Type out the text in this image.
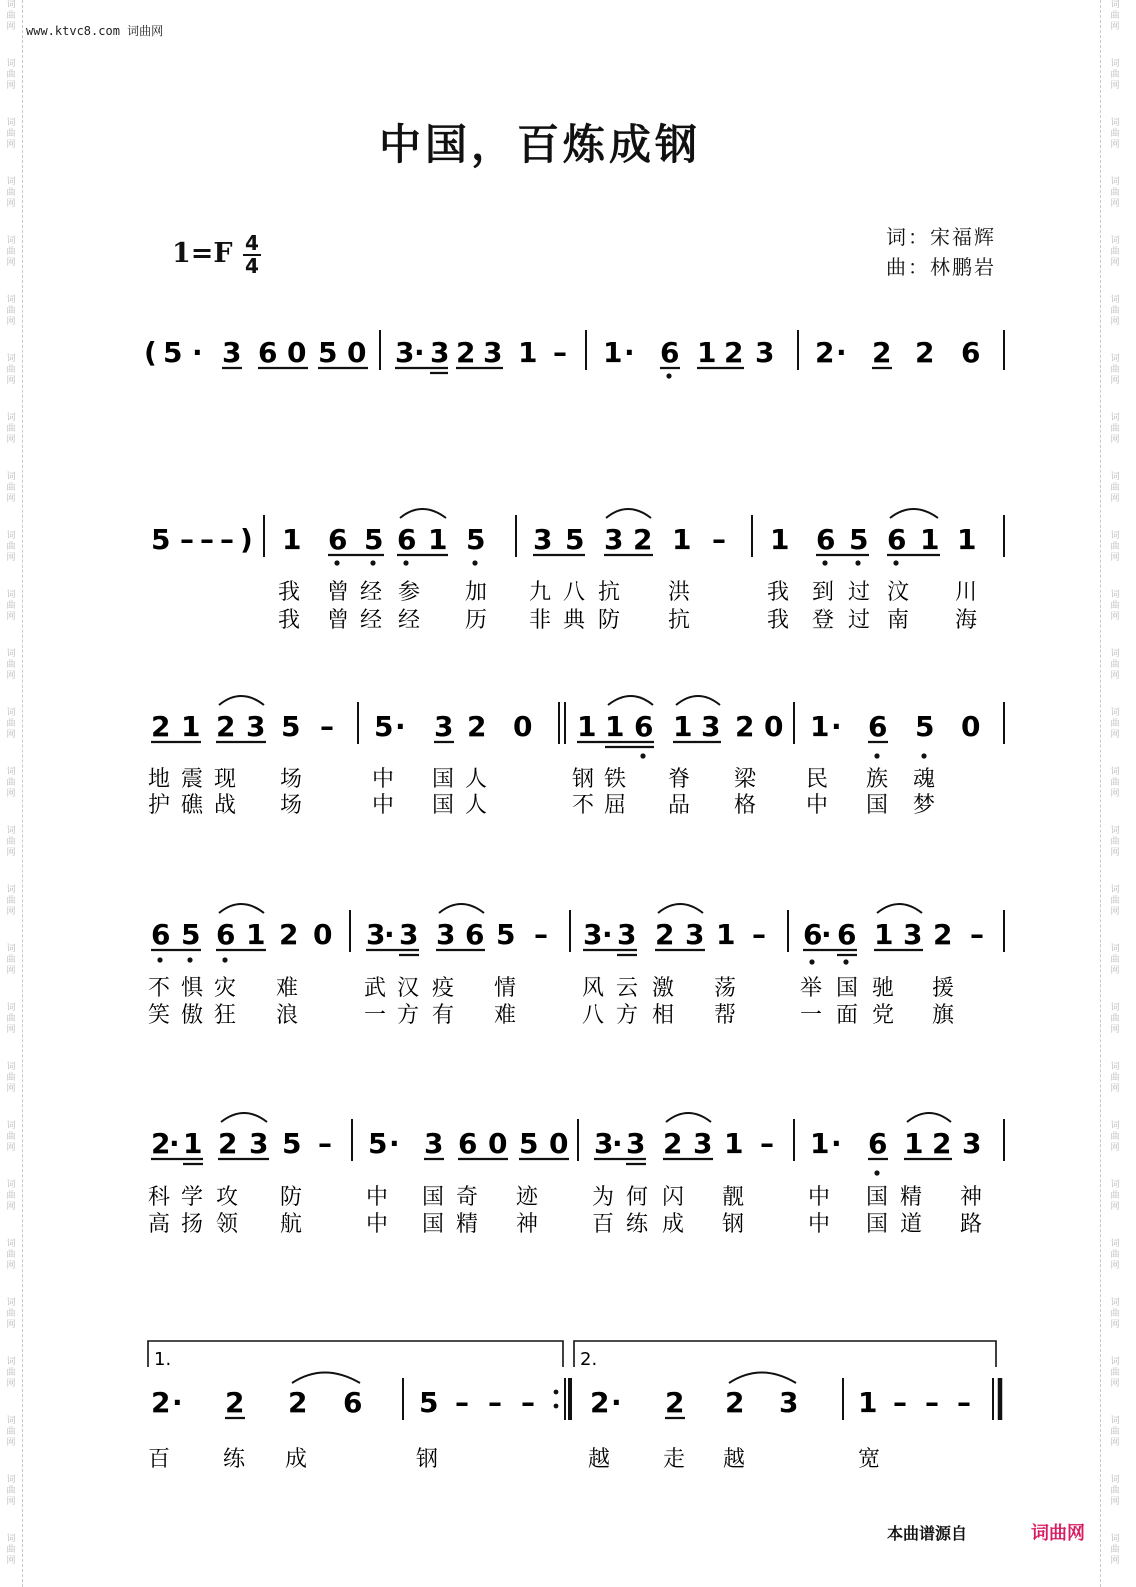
词
曲
网
词
曲
网
词
曲
网
词
曲
网
词
曲
网
词
曲
网
词
曲
网
词
曲
网
词
曲
网
词
曲
网
词
曲
网
词
曲
网
词
曲
网
词
曲
网
词
曲
网
词
曲
网
词
曲
网
词
曲
网
词
曲
网
词
曲
网
词
曲
网
词
曲
网
词
曲
网
词
曲
网
词
曲
网
词
曲
网
词
曲
网
词
曲
网
词
曲
网
词
曲
网
词
曲
网
词
曲
网
词
曲
网
词
曲
网
词
曲
网
词
曲
网
词
曲
网
词
曲
网
词
曲
网
词
曲
网
词
曲
网
词
曲
网
词
曲
网
词
曲
网
词
曲
网
词
曲
网
词
曲
网
词
曲
网
词
曲
网
词
曲
网
词
曲
网
词
曲
网
词
曲
网
词
曲
网
www.ktvc8.com 词曲网
中国，百炼成钢
1=F 4
4
词：宋福辉
曲：林鹏岩
( 5 · 3 6 0 5 0 3 · 3 2 3 1 – 1 · 6 1 2 3 2 · 2 2 6
5 – – – ) 1 6 5 6 1 5 3 5 3 2 1 – 1 6 5 6 1 1
我 曾 经 参 加 九 八 抗 洪	我 到 过 汶 川
我 曾 经 经 历 非 典 防 抗	我 登 过 南 海
2 1 2 3 5 – 5 · 3 2 0 1 1 6 1 3 2 0 1 · 6 5 0
地 震 现 场	中 国 人	钢 铁 脊 梁 民 族 魂
护 礁 战 场	中 国 人	不 屈 品 格 中 国 梦
6 5 6 1 2 0 3
· 3 3 6 5 – 3 · 3 2 3 1 – 6
· 6 1 3 2 –
不 惧 灾 难	武 汉 疫 情	风 云 激 荡	举 国 驰 援
笑 傲 狂 浪	一 方 有 难	八 方 相 帮	一 面 党 旗
2
· 1 2 3 5 – 5 · 3 6 0 5 0 3
· 3 2 3 1 – 1 · 6 1 2 3
科 学 攻 防	中 国 奇 迹 为 何 闪 靓	中 国 精 神
高 扬 领 航	中 国 精 神 百 练 成 钢	中 国 道 路
1.	2.
2 · 2 2 6 5 – – – 2 · 2 2 3 1 – – –
百 练 成	钢	越 走 越	宽
本曲谱源自	词曲网
